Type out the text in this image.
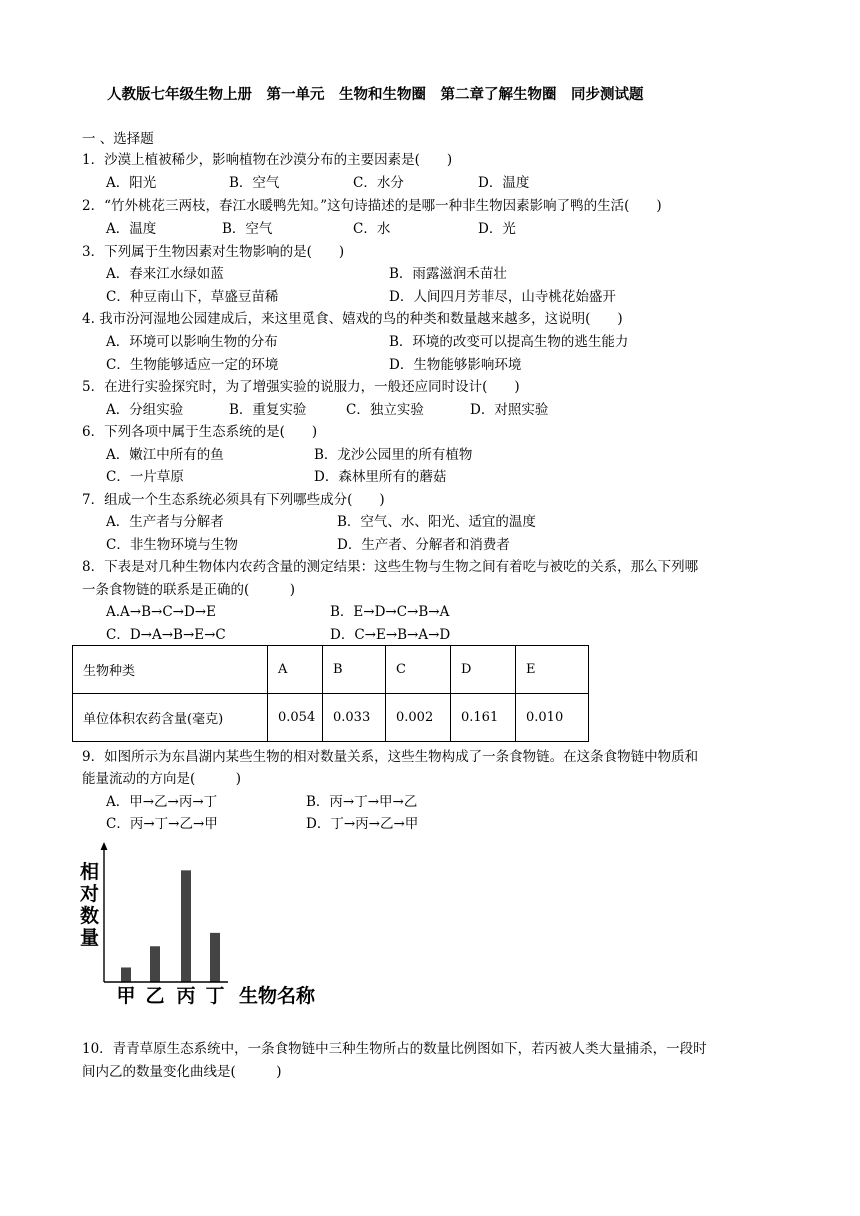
人教版七年级生物上册　第一单元　生物和生物圈　第二章了解生物圈　同步测试题
一 、选择题
1．沙漠上植被稀少，影响植物在沙漠分布的主要因素是(　　)
A．阳光	B．空气	C．水分	D．温度
2．“竹外桃花三两枝，春江水暖鸭先知。”这句诗描述的是哪一种非生物因素影响了鸭的生活(　　)
A．温度	B．空气	C．水	D．光
3．下列属于生物因素对生物影响的是(　　)
A．春来江水绿如蓝	B．雨露滋润禾苗壮
C．种豆南山下，草盛豆苗稀	D．人间四月芳菲尽，山寺桃花始盛开
4. 我市汾河湿地公园建成后，来这里觅食、嬉戏的鸟的种类和数量越来越多，这说明(　　)
A．环境可以影响生物的分布	B．环境的改变可以提高生物的逃生能力
C．生物能够适应一定的环境	D．生物能够影响环境
5．在进行实验探究时，为了增强实验的说服力，一般还应同时设计(　　)
A．分组实验	B．重复实验	C．独立实验	D．对照实验
6．下列各项中属于生态系统的是(　　)
A．嫩江中所有的鱼	B．龙沙公园里的所有植物
C．一片草原	D．森林里所有的蘑菇
7．组成一个生态系统必须具有下列哪些成分(　　)
A．生产者与分解者	B．空气、水、阳光、适宜的温度
C．非生物环境与生物	D．生产者、分解者和消费者
8．下表是对几种生物体内农药含量的测定结果：这些生物与生物之间有着吃与被吃的关系，那么下列哪
一条食物链的联系是正确的(　　　)
A.A→B→C→D→E	B．E→D→C→B→A
C．D→A→B→E→C	D．C→E→B→A→D
生物种类	A	B	C	D	E
单位体积农药含量(毫克)	0.054	0.033	0.002	0.161	0.010
9．如图所示为东昌湖内某些生物的相对数量关系，这些生物构成了一条食物链。在这条食物链中物质和
能量流动的方向是(　　　)
A．甲→乙→丙→丁	B．丙→丁→甲→乙
C．丙→丁→乙→甲	D．丁→丙→乙→甲
相
对
数
量
甲 乙 丙 丁 生物名称
10．青青草原生态系统中，一条食物链中三种生物所占的数量比例图如下，若丙被人类大量捕杀，一段时
间内乙的数量变化曲线是(　　　)
